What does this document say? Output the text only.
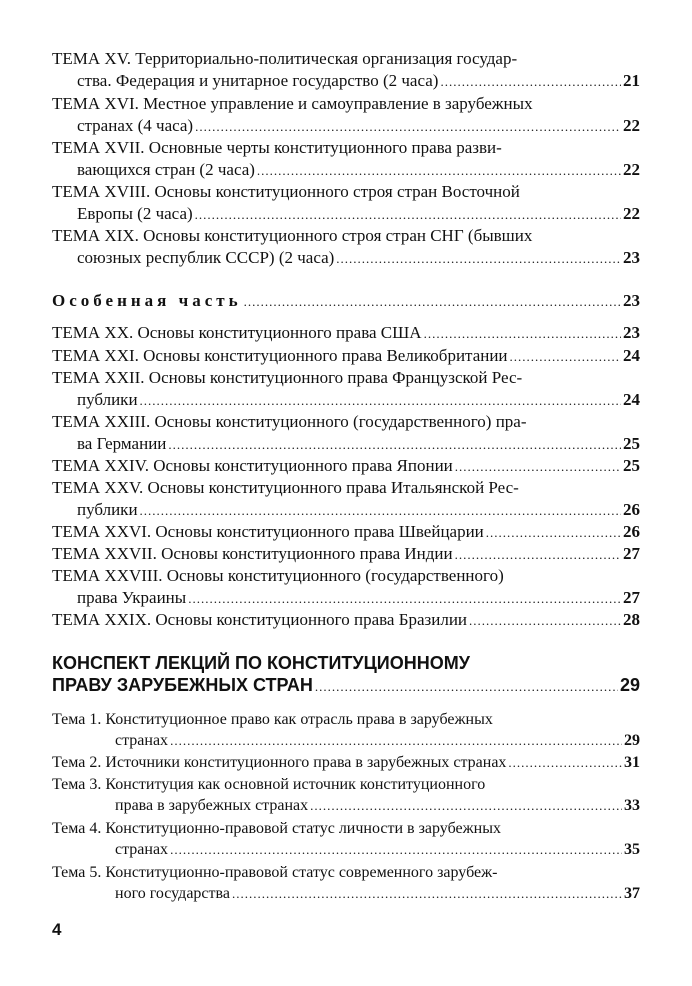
ТЕМА XV. Территориально-политическая организация государ-
ства. Федерация и унитарное государство (2 часа) .....	21
ТЕМА XVI. Местное управление и самоуправление в зарубежных
странах (4 часа) .....	22
ТЕМА XVII. Основные черты конституционного права разви-
вающихся стран (2 часа) .....	22
ТЕМА XVIII. Основы конституционного строя стран Восточной
Европы (2 часа) .....	22
ТЕМА XIX. Основы конституционного строя стран СНГ (бывших
союзных республик СССР) (2 часа) .....	23
Особенная часть .....	23
ТЕМА XX. Основы конституционного права США .....	23
ТЕМА XXI. Основы конституционного права Великобритании .....	24
ТЕМА XXII. Основы конституционного права Французской Рес-
публики .....	24
ТЕМА XXIII. Основы конституционного (государственного) пра-
ва Германии .....	25
ТЕМА XXIV. Основы конституционного права Японии .....	25
ТЕМА XXV. Основы конституционного права Итальянской Рес-
публики .....	26
ТЕМА XXVI. Основы конституционного права Швейцарии .....	26
ТЕМА XXVII. Основы конституционного права Индии .....	27
ТЕМА XXVIII. Основы конституционного (государственного)
права Украины .....	27
ТЕМА XXIX. Основы конституционного права Бразилии .....	28
КОНСПЕКТ ЛЕКЦИЙ ПО КОНСТИТУЦИОННОМУ
ПРАВУ ЗАРУБЕЖНЫХ СТРАН .....	29
Тема 1. Конституционное право как отрасль права в зарубежных
странах .....	29
Тема 2. Источники конституционного права в зарубежных странах .....	31
Тема 3. Конституция как основной источник конституционного
права в зарубежных странах .....	33
Тема 4. Конституционно-правовой статус личности в зарубежных
странах .....	35
Тема 5. Конституционно-правовой статус современного зарубеж-
ного государства .....	37
4
